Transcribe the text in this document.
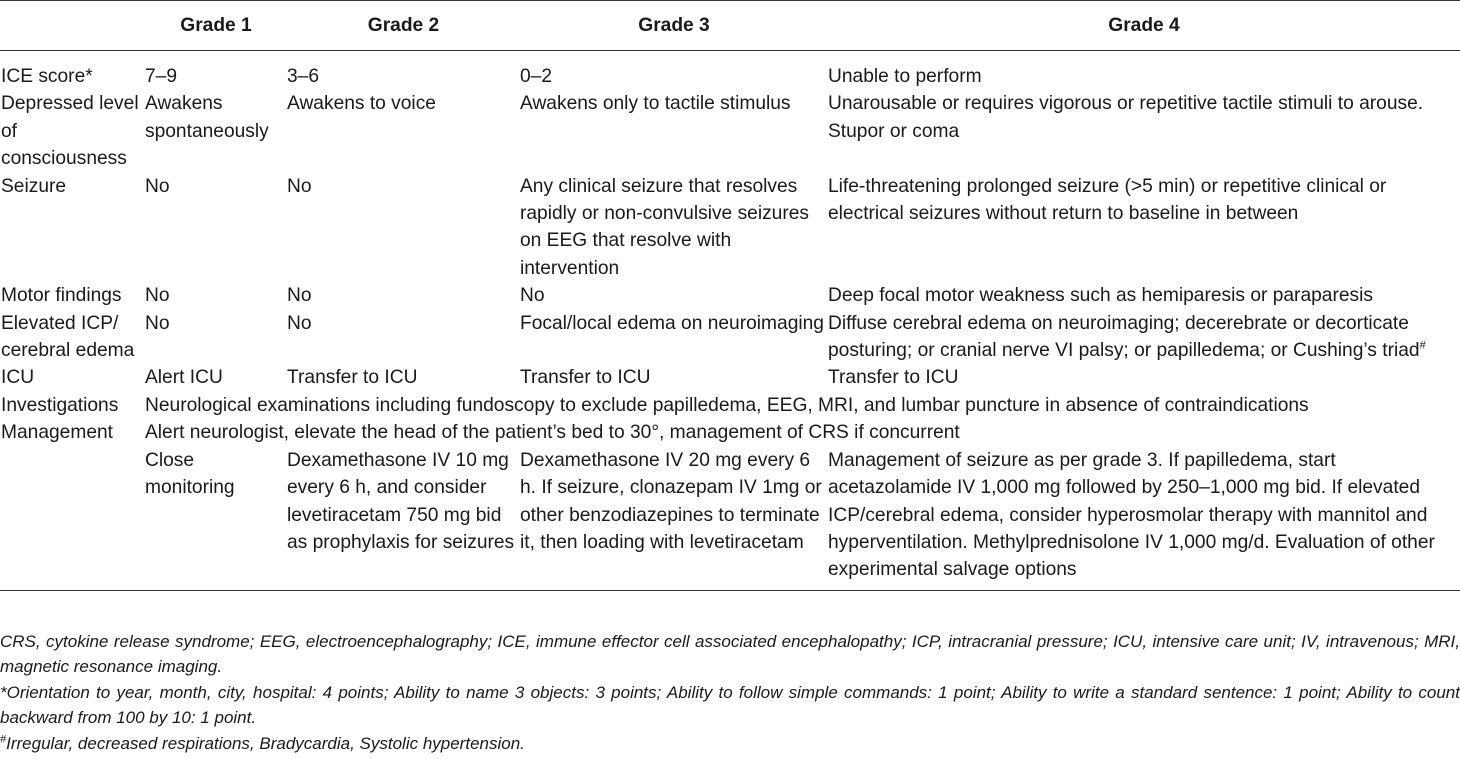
	Grade 1	Grade 2	Grade 3	Grade 4
ICE score*	7–9	3–6	0–2	Unable to perform
Depressed level of consciousness	Awakens spontaneously	Awakens to voice	Awakens only to tactile stimulus	Unarousable or requires vigorous or repetitive tactile stimuli to arouse. Stupor or coma
Seizure	No	No	Any clinical seizure that resolves rapidly or non-convulsive seizures on EEG that resolve with intervention	Life-threatening prolonged seizure (>5 min) or repetitive clinical or electrical seizures without return to baseline in between
Motor findings	No	No	No	Deep focal motor weakness such as hemiparesis or paraparesis
Elevated ICP/ cerebral edema	No	No	Focal/local edema on neuroimaging	Diffuse cerebral edema on neuroimaging; decerebrate or decorticate posturing; or cranial nerve VI palsy; or papilledema; or Cushing’s triad#
ICU	Alert ICU	Transfer to ICU	Transfer to ICU	Transfer to ICU
Investigations	Neurological examinations including fundoscopy to exclude papilledema, EEG, MRI, and lumbar puncture in absence of contraindications			
Management	Alert neurologist, elevate the head of the patient’s bed to 30°, management of CRS if concurrent			
	Close monitoring	Dexamethasone IV 10 mg every 6 h, and consider levetiracetam 750 mg bid as prophylaxis for seizures	Dexamethasone IV 20 mg every 6 h. If seizure, clonazepam IV 1mg or other benzodiazepines to terminate it, then loading with levetiracetam	Management of seizure as per grade 3. If papilledema, start acetazolamide IV 1,000 mg followed by 250–1,000 mg bid. If elevated ICP/cerebral edema, consider hyperosmolar therapy with mannitol and hyperventilation. Methylprednisolone IV 1,000 mg/d. Evaluation of other experimental salvage options

CRS, cytokine release syndrome; EEG, electroencephalography; ICE, immune effector cell associated encephalopathy; ICP, intracranial pressure; ICU, intensive care unit; IV, intravenous; MRI, magnetic resonance imaging.

*Orientation to year, month, city, hospital: 4 points; Ability to name 3 objects: 3 points; Ability to follow simple commands: 1 point; Ability to write a standard sentence: 1 point; Ability to count backward from 100 by 10: 1 point.

#Irregular, decreased respirations, Bradycardia, Systolic hypertension.
